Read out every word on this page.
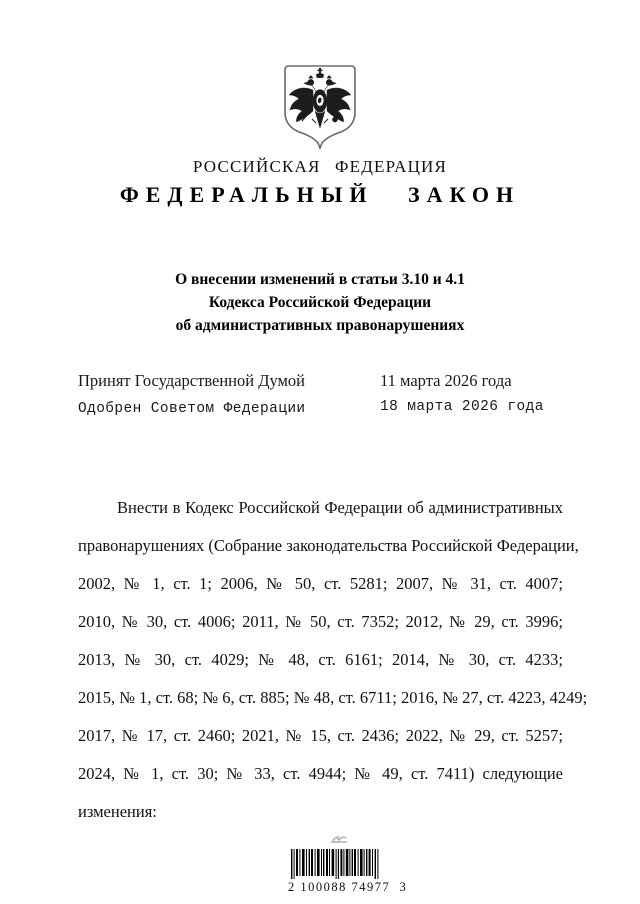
РОССИЙСКАЯ ФЕДЕРАЦИЯ
ФЕДЕРАЛЬНЫЙ ЗАКОН
О внесении изменений в статьи 3.10 и 4.1
Кодекса Российской Федерации
об административных правонарушениях
Принят Государственной Думой	11 марта 2026 года
Одобрен Советом Федерации	18 марта 2026 года
Внести в Кодекс Российской Федерации об административных
правонарушениях (Собрание законодательства Российской Федерации,
2002, № 1, ст. 1; 2006, № 50, ст. 5281; 2007, № 31, ст. 4007;
2010, № 30, ст. 4006; 2011, № 50, ст. 7352; 2012, № 29, ст. 3996;
2013, № 30, ст. 4029; № 48, ст. 6161; 2014, № 30, ст. 4233;
2015, № 1, ст. 68; № 6, ст. 885; № 48, ст. 6711; 2016, № 27, ст. 4223, 4249;
2017, № 17, ст. 2460; 2021, № 15, ст. 2436; 2022, № 29, ст. 5257;
2024, № 1, ст. 30; № 33, ст. 4944; № 49, ст. 7411) следующие
изменения:
2 100088 74977  3
